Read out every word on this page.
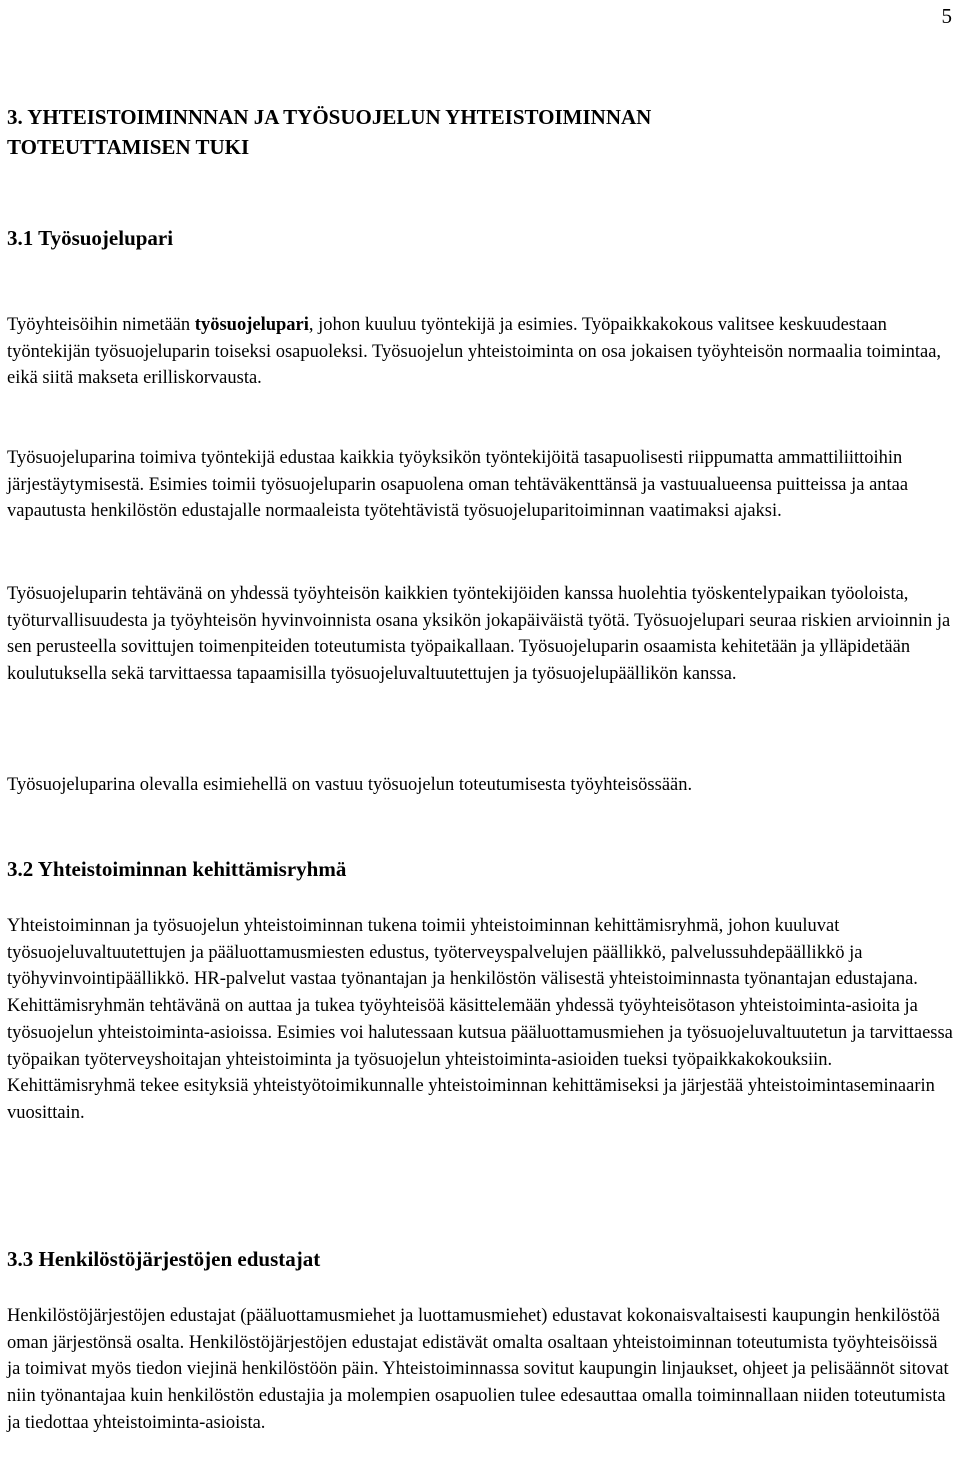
5
3. YHTEISTOIMINNNAN JA TYÖSUOJELUN YHTEISTOIMINNAN
TOTEUTTAMISEN TUKI
3.1 Työsuojelupari

Työyhteisöihin nimetään työsuojelupari, johon kuuluu työntekijä ja esimies. Työpaikkakokous valitsee keskuudestaan työntekijän työsuojeluparin toiseksi osapuoleksi. Työsuojelun yhteistoiminta on osa jokaisen työyhteisön normaalia toimintaa, eikä siitä makseta erilliskorvausta.

Työsuojeluparina toimiva työntekijä edustaa kaikkia työyksikön työntekijöitä tasapuolisesti riippumatta ammattiliittoihin järjestäytymisestä. Esimies toimii työsuojeluparin osapuolena oman tehtäväkenttänsä ja vastuualueensa puitteissa ja antaa vapautusta henkilöstön edustajalle normaaleista työtehtävistä työsuojeluparitoiminnan vaatimaksi ajaksi.

Työsuojeluparin tehtävänä on yhdessä työyhteisön kaikkien työntekijöiden kanssa huolehtia työskentelypaikan työoloista, työturvallisuudesta ja työyhteisön hyvinvoinnista osana yksikön jokapäiväistä työtä. Työsuojelupari seuraa riskien arvioinnin ja sen perusteella sovittujen toimenpiteiden toteutumista työpaikallaan. Työsuojeluparin osaamista kehitetään ja ylläpidetään koulutuksella sekä tarvittaessa tapaamisilla työsuojeluvaltuutettujen ja työsuojelupäällikön kanssa.

Työsuojeluparina olevalla esimiehellä on vastuu työsuojelun toteutumisesta työyhteisössään.

3.2 Yhteistoiminnan kehittämisryhmä

Yhteistoiminnan ja työsuojelun yhteistoiminnan tukena toimii yhteistoiminnan kehittämisryhmä, johon kuuluvat työsuojeluvaltuutettujen ja pääluottamusmiesten edustus, työterveyspalvelujen päällikkö, palvelussuhdepäällikkö ja työhyvinvointipäällikkö. HR-palvelut vastaa työnantajan ja henkilöstön välisestä yhteistoiminnasta työnantajan edustajana. Kehittämisryhmän tehtävänä on auttaa ja tukea työyhteisöä käsittelemään yhdessä työyhteisötason yhteistoiminta-asioita ja työsuojelun yhteistoiminta-asioissa. Esimies voi halutessaan kutsua pääluottamusmiehen ja työsuojeluvaltuutetun ja tarvittaessa työpaikan työterveyshoitajan yhteistoiminta ja työsuojelun yhteistoiminta-asioiden tueksi työpaikkakokouksiin. Kehittämisryhmä tekee esityksiä yhteistyötoimikunnalle yhteistoiminnan kehittämiseksi ja järjestää yhteistoimintaseminaarin vuosittain.

3.3 Henkilöstöjärjestöjen edustajat

Henkilöstöjärjestöjen edustajat (pääluottamusmiehet ja luottamusmiehet) edustavat kokonaisvaltaisesti kaupungin henkilöstöä oman järjestönsä osalta. Henkilöstöjärjestöjen edustajat edistävät omalta osaltaan yhteistoiminnan toteutumista työyhteisöissä ja toimivat myös tiedon viejinä henkilöstöön päin. Yhteistoiminnassa sovitut kaupungin linjaukset, ohjeet ja pelisäännöt sitovat niin työnantajaa kuin henkilöstön edustajia ja molempien osapuolien tulee edesauttaa omalla toiminnallaan niiden toteutumista ja tiedottaa yhteistoiminta-asioista.
